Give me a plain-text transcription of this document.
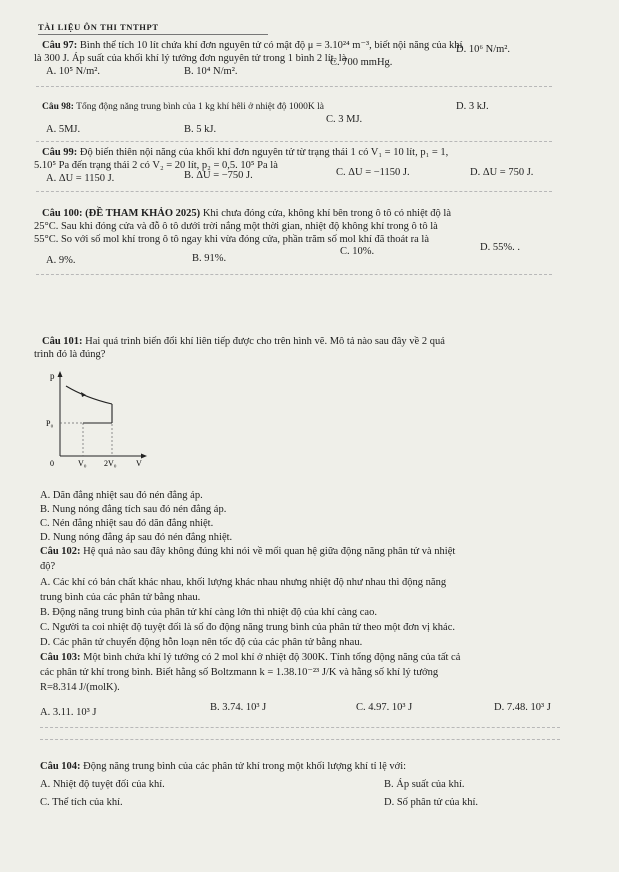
TÀI LIỆU ÔN THI TNTHPT
Câu 97: Bình thể tích 10 lít chứa khí đơn nguyên tử có mật độ μ = 3.10²⁴ m⁻³, biết nội năng của khí
là 300 J. Áp suất của khối khí lý tưởng đơn nguyên tử trong 1 bình 2 lít, là
A. 10⁵ N/m².	B. 10⁴ N/m².
C. 700 mmHg.
D. 10⁶ N/m².
Câu 98: Tổng động năng trung bình của 1 kg khí hêli ở nhiệt độ 1000K là
A. 5MJ.	B. 5 kJ.
C. 3 MJ.
D. 3 kJ.
Câu 99: Độ biến thiên nội năng của khối khí đơn nguyên tử từ trạng thái 1 có V₁ = 10 lít, p₁ = 1,
5.10⁵ Pa đến trạng thái 2 có V₂ = 20 lít, p₂ = 0,5. 10⁵ Pa là
A. ΔU = 1150 J.	B. ΔU = −750 J.	C. ΔU = −1150 J.	D. ΔU = 750 J.
Câu 100: (ĐỀ THAM KHẢO 2025) Khi chưa đóng cửa, không khí bên trong ô tô có nhiệt độ là
25°C. Sau khi đóng cửa và đỗ ô tô dưới trời nắng một thời gian, nhiệt độ không khí trong ô tô là
55°C. So với số mol khí trong ô tô ngay khi vừa đóng cửa, phần trăm số mol khí đã thoát ra là
A. 9%.	B. 91%.
C. 10%.	D. 55%. .
Câu 101: Hai quá trình biến đổi khí liên tiếp được cho trên hình vẽ. Mô tả nào sau đây về 2 quá
trình đó là đúng?
p
P₀
0	V₀ 2V₀ V
A. Dãn đẳng nhiệt sau đó nén đẳng áp.
B. Nung nóng đẳng tích sau đó nén đẳng áp.
C. Nén đẳng nhiệt sau đó dãn đẳng nhiệt.
D. Nung nóng đẳng áp sau đó nén đẳng nhiệt.
Câu 102: Hệ quả nào sau đây không đúng khi nói về mối quan hệ giữa động năng phân tử và nhiệt
độ?
A. Các khí có bản chất khác nhau, khối lượng khác nhau nhưng nhiệt độ như nhau thì động năng
trung bình của các phân tử bằng nhau.
B. Động năng trung bình của phân tử khí càng lớn thì nhiệt độ của khí càng cao.
C. Người ta coi nhiệt độ tuyệt đối là số đo động năng trung bình của phân tử theo một đơn vị khác.
D. Các phân tử chuyển động hỗn loạn nên tốc độ của các phân tử bằng nhau.
Câu 103: Một bình chứa khí lý tưởng có 2 mol khí ở nhiệt độ 300K. Tính tổng động năng của tất cả
các phân tử khí trong bình. Biết hằng số Boltzmann k = 1.38.10⁻²³ J/K và hằng số khí lý tưởng
R=8.314 J/(molK).
A. 3.11. 10³ J	B. 3.74. 10³ J	C. 4.97. 10³ J	D. 7.48. 10³ J
Câu 104: Động năng trung bình của các phân tử khí trong một khối lượng khí tỉ lệ với:
A. Nhiệt độ tuyệt đối của khí.	B. Áp suất của khí.
C. Thể tích của khí.	D. Số phân tử của khí.
